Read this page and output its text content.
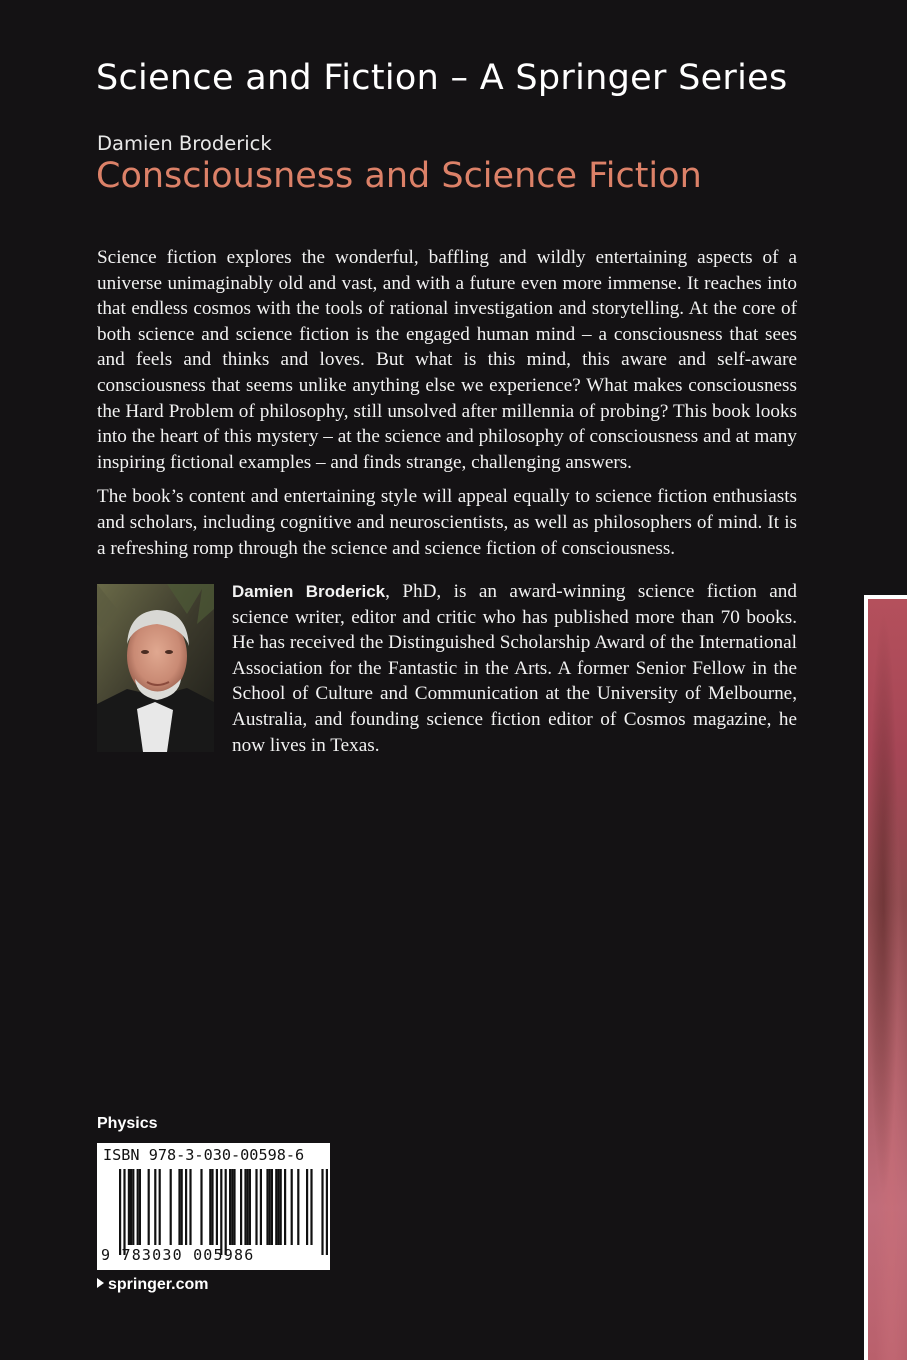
Science and Fiction – A Springer Series
Damien Broderick
Consciousness and Science Fiction

Science fiction explores the wonderful, baffling and wildly entertaining aspects of a universe unimaginably old and vast, and with a future even more immense. It reaches into that endless cosmos with the tools of rational investigation and storytelling. At the core of both science and science fiction is the engaged human mind – a consciousness that sees and feels and thinks and loves. But what is this mind, this aware and self-aware consciousness that seems unlike anything else we experience? What makes consciousness the Hard Problem of philosophy, still unsolved after millennia of probing? This book looks into the heart of this mystery – at the science and philosophy of consciousness and at many inspiring fictional examples – and finds strange, challenging answers.

The book’s content and entertaining style will appeal equally to science fiction enthusiasts and scholars, including cognitive and neuroscientists, as well as philosophers of mind. It is a refreshing romp through the science and science fiction of consciousness.

Damien Broderick, PhD, is an award-winning science fiction and science writer, editor and critic who has published more than 70 books. He has received the Distinguished Scholarship Award of the International Association for the Fantastic in the Arts. A former Senior Fellow in the School of Culture and Communication at the University of Melbourne, Australia, and founding science fiction editor of Cosmos magazine, he now lives in Texas.
Physics
ISBN 978-3-030-00598-6
9 783030 005986
springer.com
